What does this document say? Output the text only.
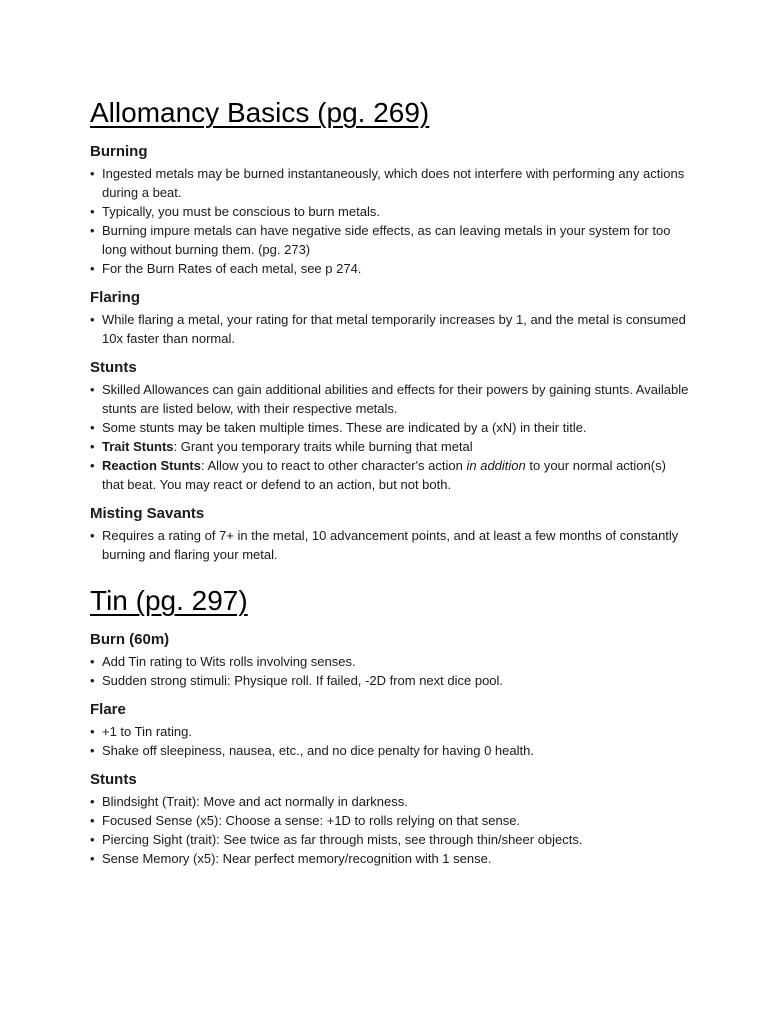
Allomancy Basics (pg. 269)
Burning
• Ingested metals may be burned instantaneously, which does not interfere with performing any actions during a beat.
• Typically, you must be conscious to burn metals.
• Burning impure metals can have negative side effects, as can leaving metals in your system for too long without burning them. (pg. 273)
• For the Burn Rates of each metal, see p 274.
Flaring
• While flaring a metal, your rating for that metal temporarily increases by 1, and the metal is consumed 10x faster than normal.
Stunts
• Skilled Allowances can gain additional abilities and effects for their powers by gaining stunts. Available stunts are listed below, with their respective metals.
• Some stunts may be taken multiple times. These are indicated by a (xN) in their title.
• Trait Stunts: Grant you temporary traits while burning that metal
• Reaction Stunts: Allow you to react to other character's action in addition to your normal action(s) that beat. You may react or defend to an action, but not both.
Misting Savants
• Requires a rating of 7+ in the metal, 10 advancement points, and at least a few months of constantly burning and flaring your metal.
Tin (pg. 297)
Burn (60m)
• Add Tin rating to Wits rolls involving senses.
• Sudden strong stimuli: Physique roll. If failed, -2D from next dice pool.
Flare
• +1 to Tin rating.
• Shake off sleepiness, nausea, etc., and no dice penalty for having 0 health.
Stunts
• Blindsight (Trait): Move and act normally in darkness.
• Focused Sense (x5): Choose a sense: +1D to rolls relying on that sense.
• Piercing Sight (trait): See twice as far through mists, see through thin/sheer objects.
• Sense Memory (x5): Near perfect memory/recognition with 1 sense.
